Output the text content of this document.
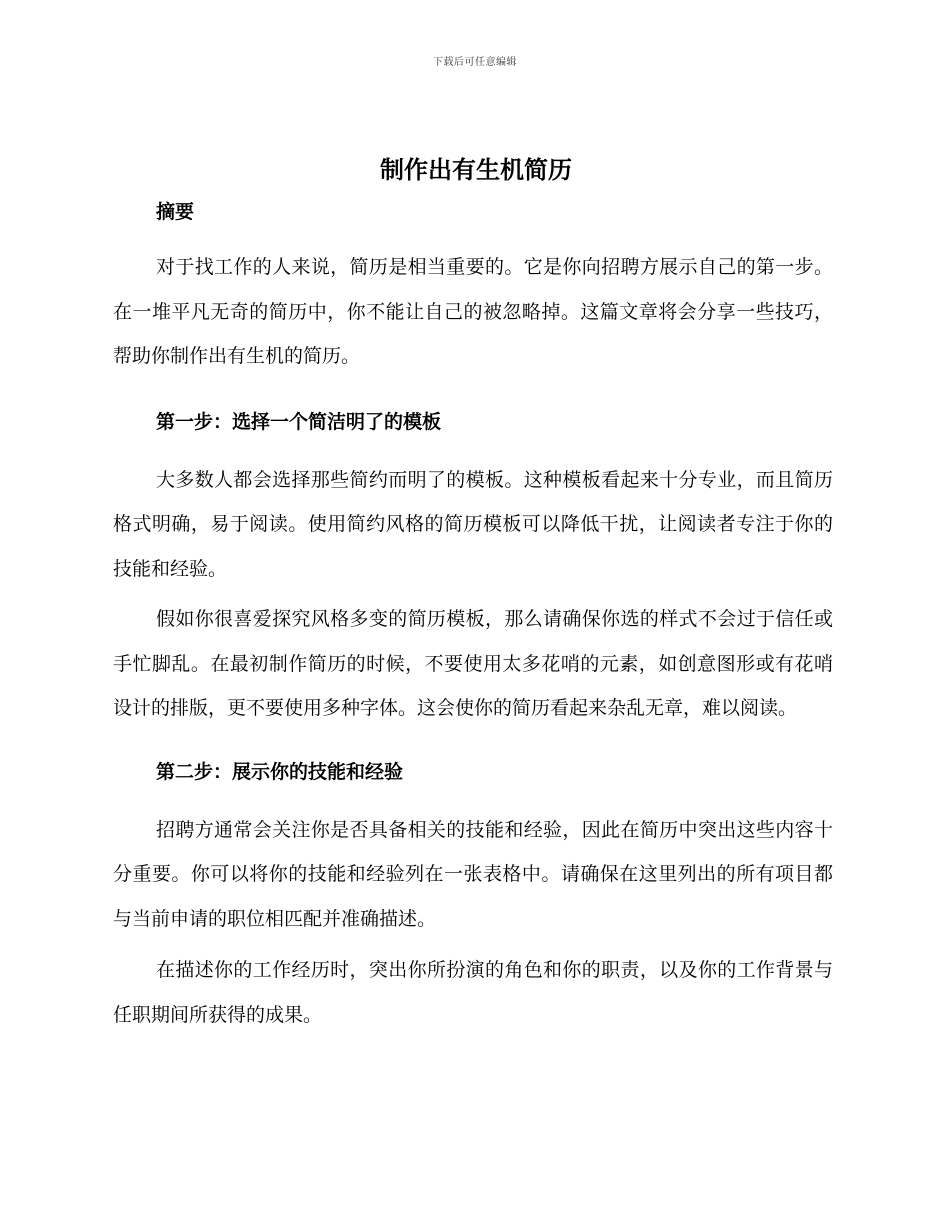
下载后可任意编辑
制作出有生机简历
摘要

对于找工作的人来说，简历是相当重要的。它是你向招聘方展示自己的第一步。在一堆平凡无奇的简历中，你不能让自己的被忽略掉。这篇文章将会分享一些技巧，帮助你制作出有生机的简历。

第一步：选择一个简洁明了的模板

大多数人都会选择那些简约而明了的模板。这种模板看起来十分专业，而且简历格式明确，易于阅读。使用简约风格的简历模板可以降低干扰，让阅读者专注于你的技能和经验。

假如你很喜爱探究风格多变的简历模板，那么请确保你选的样式不会过于信任或手忙脚乱。在最初制作简历的时候，不要使用太多花哨的元素，如创意图形或有花哨设计的排版，更不要使用多种字体。这会使你的简历看起来杂乱无章，难以阅读。

第二步：展示你的技能和经验

招聘方通常会关注你是否具备相关的技能和经验，因此在简历中突出这些内容十分重要。你可以将你的技能和经验列在一张表格中。请确保在这里列出的所有项目都与当前申请的职位相匹配并准确描述。

在描述你的工作经历时，突出你所扮演的角色和你的职责，以及你的工作背景与任职期间所获得的成果。
